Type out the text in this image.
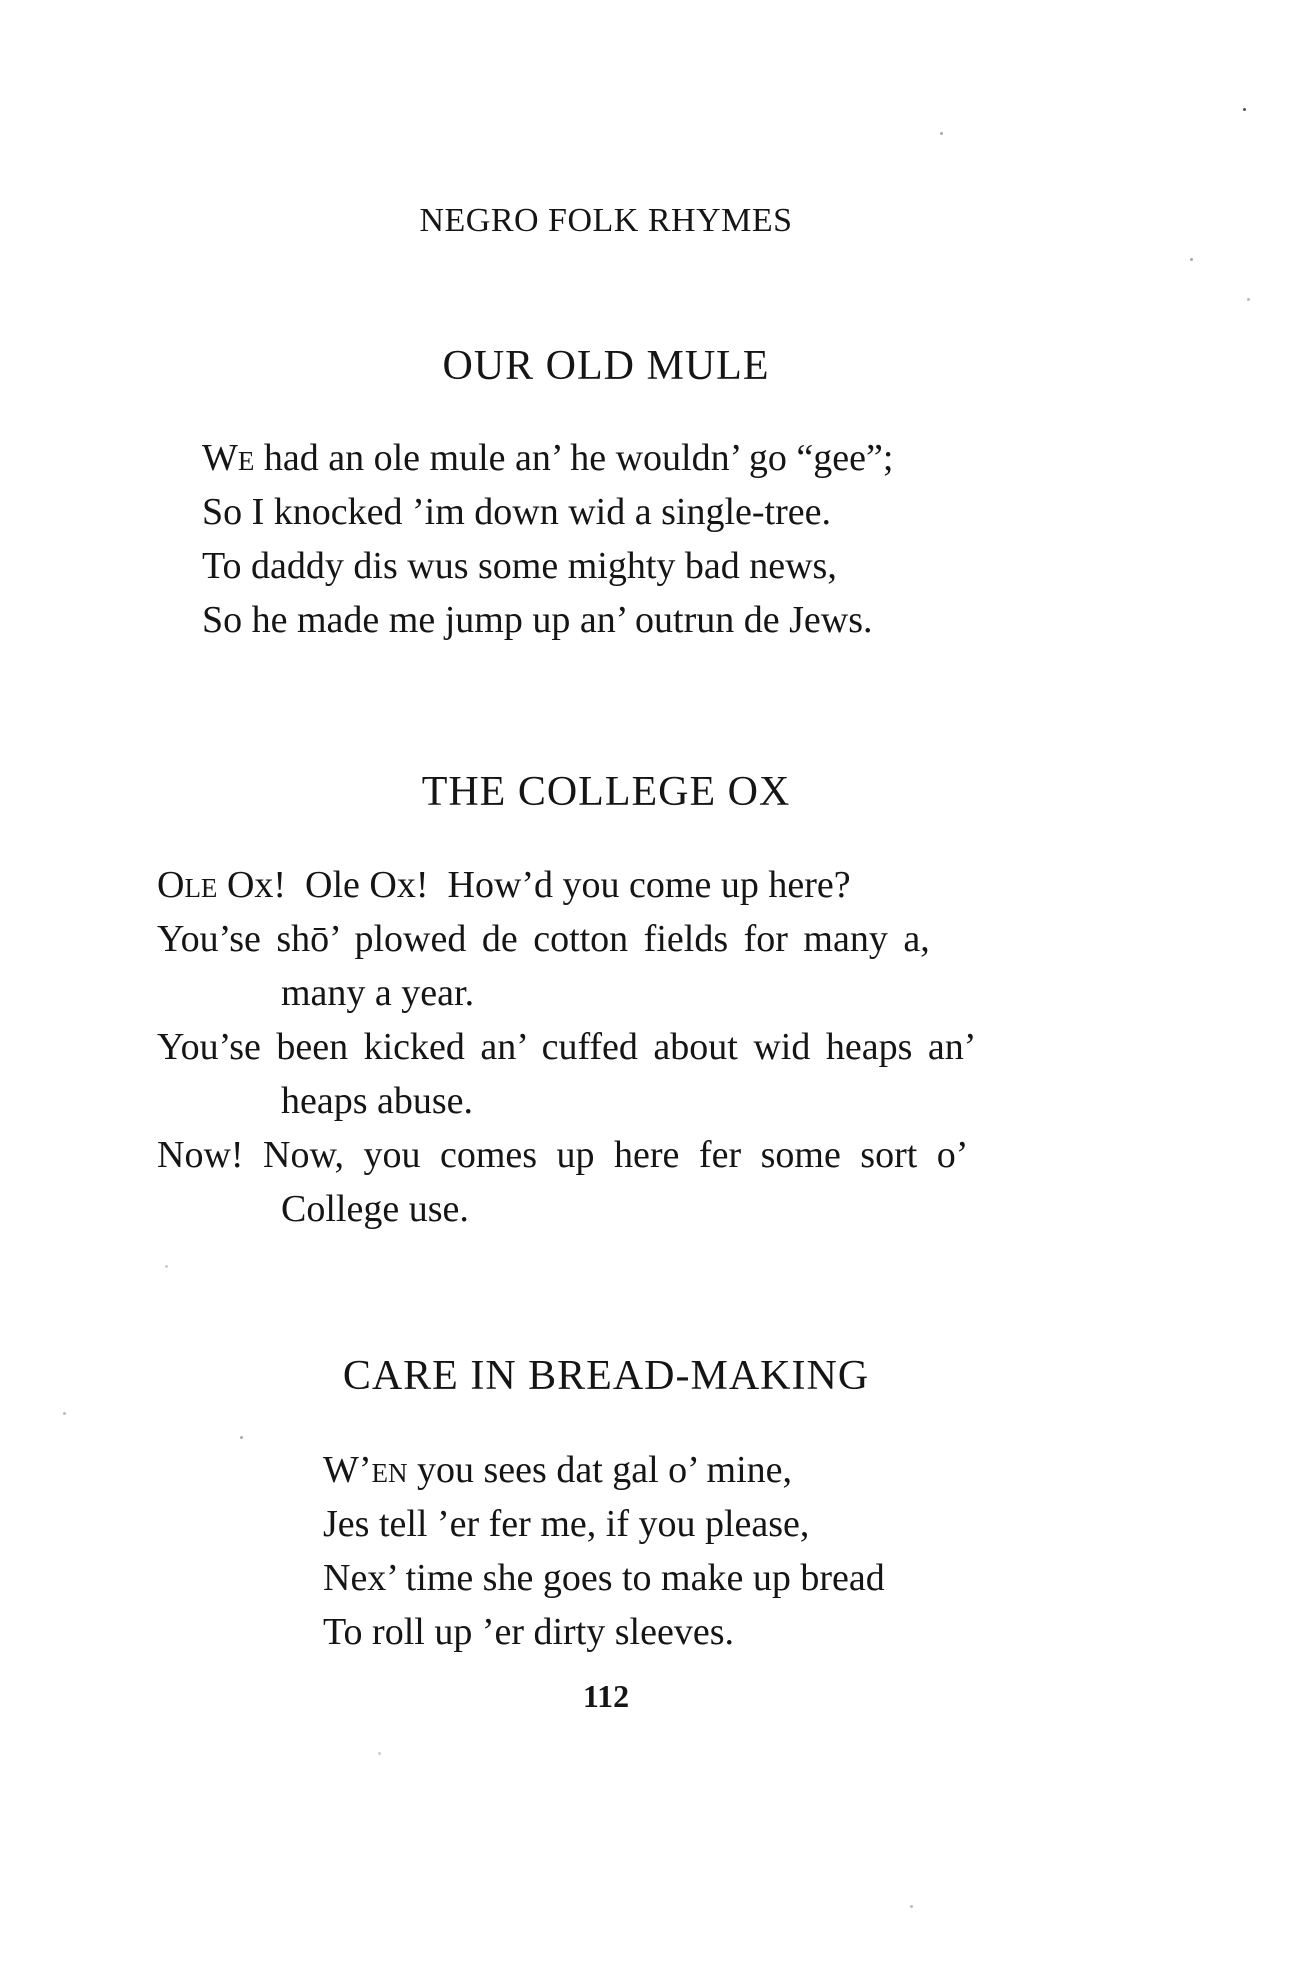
NEGRO FOLK RHYMES
OUR OLD MULE
We had an ole mule an’ he wouldn’ go “gee”;
So I knocked ’im down wid a single-tree.
To daddy dis wus some mighty bad news,
So he made me jump up an’ outrun de Jews.
THE COLLEGE OX
Ole Ox!  Ole Ox!  How’d you come up here?
You’se shō’ plowed de cotton fields for many a,
many a year.
You’se been kicked an’ cuffed about wid heaps an’
heaps abuse.
Now! Now, you comes up here fer some sort o’
College use.
CARE IN BREAD-MAKING
W’en you sees dat gal o’ mine,
Jes tell ’er fer me, if you please,
Nex’ time she goes to make up bread
To roll up ’er dirty sleeves.
112
